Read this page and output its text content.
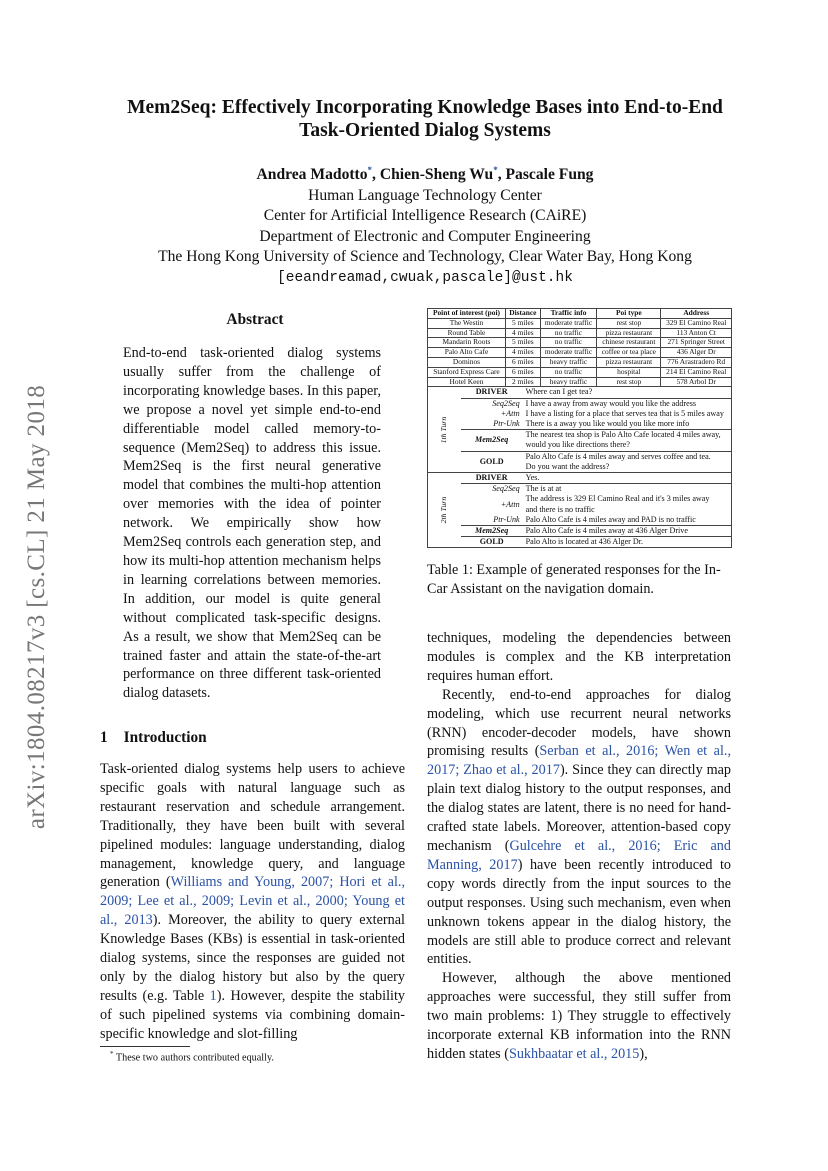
arXiv:1804.08217v3 [cs.CL] 21 May 2018
Mem2Seq: Effectively Incorporating Knowledge Bases into End-to-End
Task-Oriented Dialog Systems
Andrea Madotto*, Chien-Sheng Wu*, Pascale Fung
Human Language Technology Center
Center for Artificial Intelligence Research (CAiRE)
Department of Electronic and Computer Engineering
The Hong Kong University of Science and Technology, Clear Water Bay, Hong Kong
[eeandreamad,cwuak,pascale]@ust.hk
Abstract
End-to-end task-oriented dialog systems usually suffer from the challenge of incorporating knowledge bases. In this paper, we propose a novel yet simple end-to-end differentiable model called memory-to-sequence (Mem2Seq) to address this issue. Mem2Seq is the first neural generative model that combines the multi-hop attention over memories with the idea of pointer network. We empirically show how Mem2Seq controls each generation step, and how its multi-hop attention mechanism helps in learning correlations between memories. In addition, our model is quite general without complicated task-specific designs. As a result, we show that Mem2Seq can be trained faster and attain the state-of-the-art performance on three different task-oriented dialog datasets.
1 Introduction
Task-oriented dialog systems help users to achieve specific goals with natural language such as restaurant reservation and schedule arrangement. Traditionally, they have been built with several pipelined modules: language understanding, dialog management, knowledge query, and language generation (Williams and Young, 2007; Hori et al., 2009; Lee et al., 2009; Levin et al., 2000; Young et al., 2013). Moreover, the ability to query external Knowledge Bases (KBs) is essential in task-oriented dialog systems, since the responses are guided not only by the dialog history but also by the query results (e.g. Table 1). However, despite the stability of such pipelined systems via combining domain-specific knowledge and slot-filling
* These two authors contributed equally.
Point of interest (poi)	Distance	Traffic info	Poi type	Address
The Westin	5 miles	moderate traffic	rest stop	329 El Camino Real
Round Table	4 miles	no traffic	pizza restaurant	113 Anton Ct
Mandarin Roots	5 miles	no traffic	chinese restaurant	271 Springer Street
Palo Alto Cafe	4 miles	moderate traffic	coffee or tea place	436 Alger Dr
Dominos	6 miles	heavy traffic	pizza restaurant	776 Arastradero Rd
Stanford Express Care	6 miles	no traffic	hospital	214 El Camino Real
Hotel Keen	2 miles	heavy traffic	rest stop	578 Arbol Dr
1th Turn	DRIVER	Where can I get tea?
	Seq2Seq	I have a away from away would you like the address
	+Attn	I have a listing for a place that serves tea that is 5 miles away
	Ptr-Unk	There is a away you like would you like more info
	Mem2Seq	The nearest tea shop is Palo Alto Cafe located 4 miles away,
would you like directions there?

	GOLD	Palo Alto Cafe is 4 miles away and serves coffee and tea.
Do you want the address?

2th Turn	DRIVER	Yes.
	Seq2Seq	The is at at
	+Attn	The address is 329 El Camino Real and it's 3 miles away
and there is no traffic

	Ptr-Unk	Palo Alto Cafe is 4 miles away and PAD is no traffic
	Mem2Seq	Palo Alto Cafe is 4 miles away at 436 Alger Drive
	GOLD	Palo Alto is located at 436 Alger Dr.
Table 1: Example of generated responses for the In-Car Assistant on the navigation domain.

techniques, modeling the dependencies between modules is complex and the KB interpretation requires human effort.

Recently, end-to-end approaches for dialog modeling, which use recurrent neural networks (RNN) encoder-decoder models, have shown promising results (Serban et al., 2016; Wen et al., 2017; Zhao et al., 2017). Since they can directly map plain text dialog history to the output responses, and the dialog states are latent, there is no need for hand-crafted state labels. Moreover, attention-based copy mechanism (Gulcehre et al., 2016; Eric and Manning, 2017) have been recently introduced to copy words directly from the input sources to the output responses. Using such mechanism, even when unknown tokens appear in the dialog history, the models are still able to produce correct and relevant entities.

However, although the above mentioned approaches were successful, they still suffer from two main problems: 1) They struggle to effectively incorporate external KB information into the RNN hidden states (Sukhbaatar et al., 2015),
